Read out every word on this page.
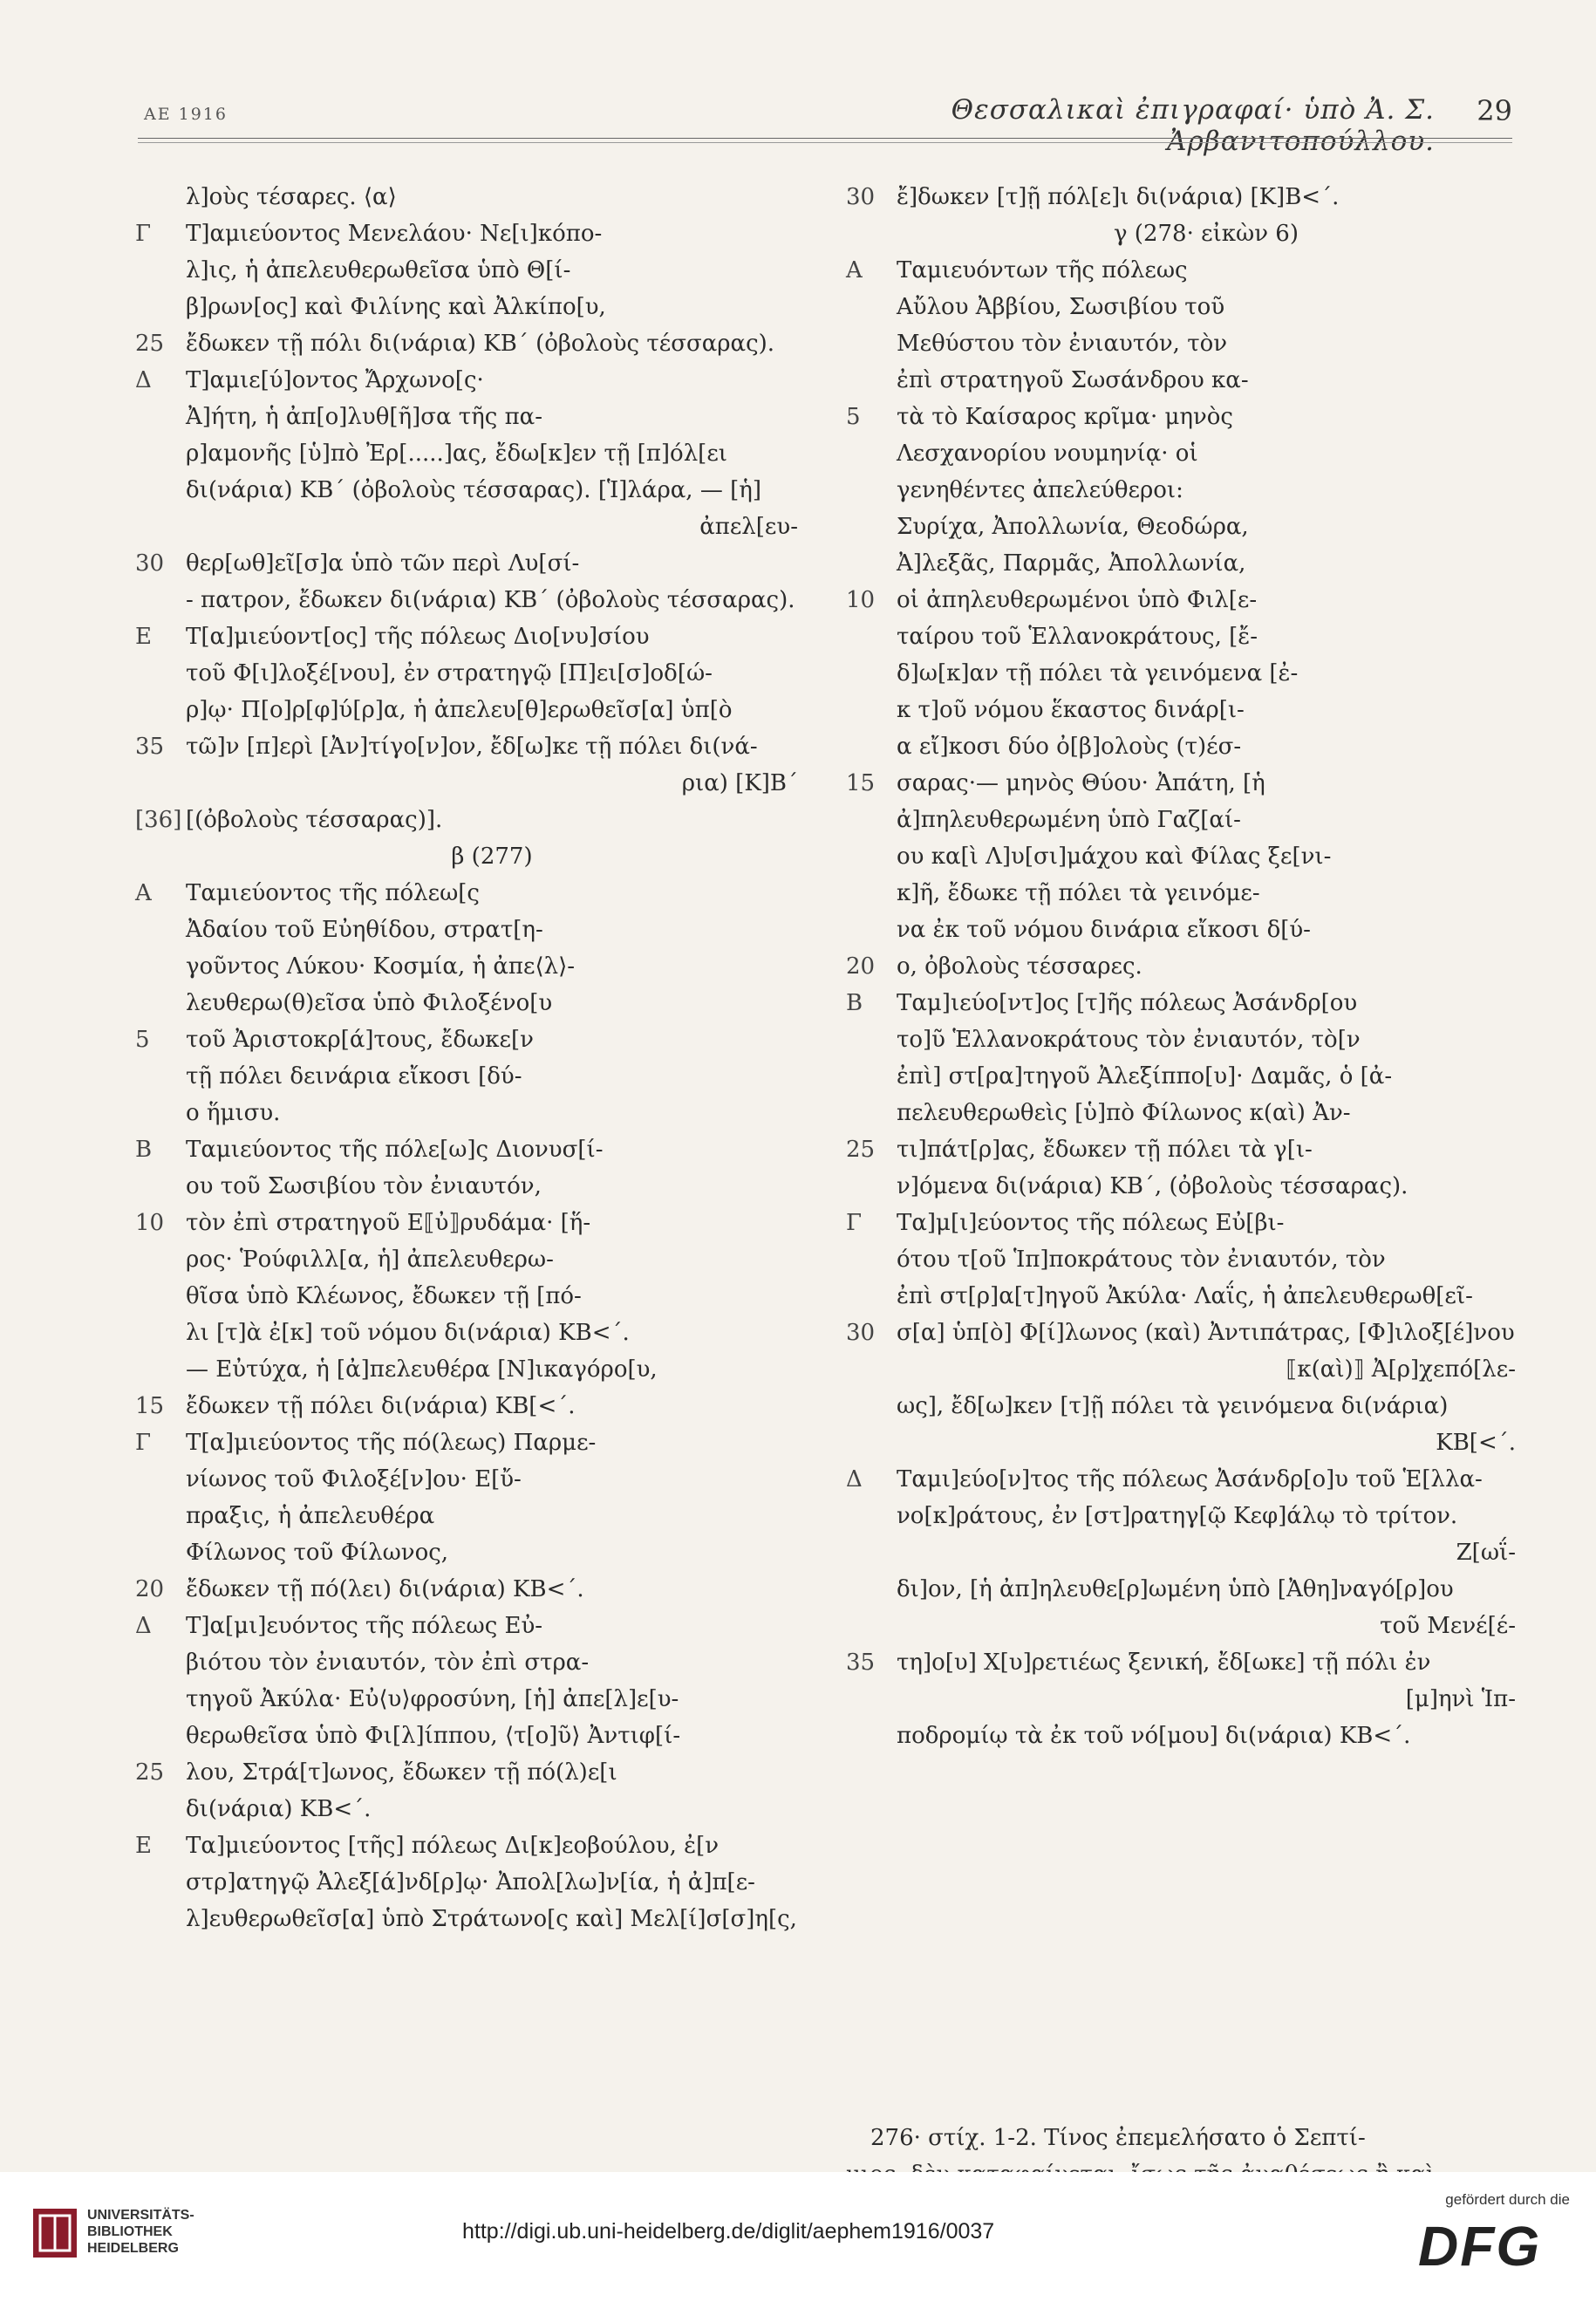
ΑΕ 1916	Θεσσαλικαὶ ἐπιγραφαί· ὑπὸ Ἀ. Σ. Ἀρβανιτοπούλλου.
29
λ]οὺς τέσαρες. ⟨α⟩
Γ	Τ]αμιεύοντος Μενελάου· Νε[ι]κόπο-
λ]ις, ἡ ἀπελευθερωθεῖσα ὑπὸ Θ[ί-
β]ρων[ος] καὶ Φιλίνης καὶ Ἀλκίπο[υ,
25 ἔδωκεν τῇ πόλι δι(νάρια) ΚΒ´ (ὀβολοὺς τέσσαρας).
Δ	Τ]αμιε[ύ]οντος Ἄρχωνο[ς·
Ἀ]ήτη, ἡ ἀπ[ο]λυθ[ῆ]σα τῆς πα-
ρ]αμονῆς [ὑ]πὸ Ἐρ[.....]ας, ἔδω[κ]εν τῇ [π]όλ[ει
δι(νάρια) ΚΒ´ (ὀβολοὺς τέσσαρας). [Ἱ]λάρα, — [ἡ]
ἀπελ[ευ-
30 θερ[ωθ]εῖ[σ]α ὑπὸ τῶν περὶ Λυ[σί-
- πατρον, ἔδωκεν δι(νάρια) ΚΒ´ (ὀβολοὺς τέσσαρας).
Ε	Τ[α]μιεύοντ[ος] τῆς πόλεως Διο[νυ]σίου
τοῦ Φ[ι]λοξέ[νου], ἐν στρατηγῷ [Π]ει[σ]οδ[ώ-
ρ]ῳ· Π[ο]ρ[φ]ύ[ρ]α, ἡ ἀπελευ[θ]ερωθεῖσ[α] ὑπ[ὸ
35 τῶ]ν [π]ερὶ [Ἀν]τίγο[ν]ον, ἔδ[ω]κε τῇ πόλει δι(νά-
ρια) [Κ]Β´
[36] [(ὀβολοὺς τέσσαρας)].
β (277)
Α	Ταμιεύοντος τῆς πόλεω[ς
Ἀδαίου τοῦ Εὐηθίδου, στρατ[η-
γοῦντος Λύκου· Κοσμία, ἡ ἀπε⟨λ⟩-
λευθερω(θ)εῖσα ὑπὸ Φιλοξένο[υ
5	τοῦ Ἀριστοκρ[ά]τους, ἔδωκε[ν
τῇ πόλει δεινάρια εἴκοσι [δύ-
ο ἥμισυ.
Β	Ταμιεύοντος τῆς πόλε[ω]ς Διονυσ[ί-
ου τοῦ Σωσιβίου τὸν ἐνιαυτόν,
10 τὸν ἐπὶ στρατηγοῦ Ε⟦ὐ⟧ρυδάμα· [ἥ-
ρος· Ῥούφιλλ[α, ἡ] ἀπελευθερω-
θῖσα ὑπὸ Κλέωνος, ἔδωκεν τῇ [πό-
λι [τ]ὰ ἐ[κ] τοῦ νόμου δι(νάρια) ΚΒ<´.
— Εὐτύχα, ἡ [ἀ]πελευθέρα [Ν]ικαγόρο[υ,
15 ἔδωκεν τῇ πόλει δι(νάρια) ΚΒ[<´.
Γ	Τ[α]μιεύοντος τῆς πό(λεως) Παρμε-
νίωνος τοῦ Φιλοξέ[ν]ου· Ε[ὔ-
πραξις, ἡ ἀπελευθέρα
Φίλωνος τοῦ Φίλωνος,
20 ἔδωκεν τῇ πό(λει) δι(νάρια) ΚΒ<´.
Δ	Τ]α[μι]ευόντος τῆς πόλεως Εὐ-
βιότου τὸν ἐνιαυτόν, τὸν ἐπὶ στρα-
τηγοῦ Ἀκύλα· Εὐ⟨υ⟩φροσύνη, [ἡ] ἀπε[λ]ε[υ-
θερωθεῖσα ὑπὸ Φι[λ]ίππου, ⟨τ[ο]ῦ⟩ Ἀντιφ[ί-
25 λου, Στρά[τ]ωνος, ἔδωκεν τῇ πό(λ)ε[ι
δι(νάρια) ΚΒ<´.
Ε	Τα]μιεύοντος [τῆς] πόλεως Δι[κ]εοβούλου, ἐ[ν
στρ]ατηγῷ Ἀλεξ[ά]νδ[ρ]ῳ· Ἀπολ[λω]ν[ία, ἡ ἀ]π[ε-
λ]ευθερωθεῖσ[α] ὑπὸ Στράτωνο[ς καὶ] Μελ[ί]σ[σ]η[ς,
30 ἔ]δωκεν [τ]ῇ πόλ[ε]ι δι(νάρια) [Κ]Β<´.
γ (278· εἰκὼν 6)
Α	Ταμιευόντων τῆς πόλεως
Αὔλου Ἀββίου, Σωσιβίου τοῦ
Μεθύστου τὸν ἐνιαυτόν, τὸν
ἐπὶ στρατηγοῦ Σωσάνδρου κα-
5	τὰ τὸ Καίσαρος κρῖμα· μηνὸς
Λεσχανορίου νουμηνίᾳ· οἱ
γενηθέντες ἀπελεύθεροι:
Συρίχα, Ἀπολλωνία, Θεοδώρα,
Ἀ]λεξᾶς, Παρμᾶς, Ἀπολλωνία,
10 οἱ ἀπηλευθερωμένοι ὑπὸ Φιλ[ε-
ταίρου τοῦ Ἑλλανοκράτους, [ἔ-
δ]ω[κ]αν τῇ πόλει τὰ γεινόμενα [ἐ-
κ τ]οῦ νόμου ἕκαστος δινάρ[ι-
α εἴ]κοσι δύο ὀ[β]ολοὺς (τ)έσ-
15 σαρας·— μηνὸς Θύου· Ἀπάτη, [ἡ
ἀ]πηλευθερωμένη ὑπὸ Γαζ[αί-
ου κα[ὶ Λ]υ[σι]μάχου καὶ Φίλας ξε[νι-
κ]ῆ, ἔδωκε τῇ πόλει τὰ γεινόμε-
να ἐκ τοῦ νόμου δινάρια εἴκοσι δ[ύ-
20 ο, ὀβολοὺς τέσσαρες.
Β	Ταμ]ιεύο[ντ]ος [τ]ῆς πόλεως Ἀσάνδρ[ου
το]ῦ Ἑλλανοκράτους τὸν ἐνιαυτόν, τὸ[ν
ἐπὶ] στ[ρα]τηγοῦ Ἀλεξίππο[υ]· Δαμᾶς, ὁ [ἀ-
πελευθερωθεὶς [ὑ]πὸ Φίλωνος κ(αὶ) Ἀν-
25 τι]πάτ[ρ]ας, ἔδωκεν τῇ πόλει τὰ γ[ι-
ν]όμενα δι(νάρια) ΚΒ´, (ὀβολοὺς τέσσαρας).
Γ	Τα]μ[ι]εύοντος τῆς πόλεως Εὐ[βι-
ότου τ[οῦ Ἱπ]ποκράτους τὸν ἐνιαυτόν, τὸν
ἐπὶ στ[ρ]α[τ]ηγοῦ Ἀκύλα· Λαΐς, ἡ ἀπελευθερωθ[εῖ-
30 σ[α] ὑπ[ὸ] Φ[ί]λωνος (καὶ) Ἀντιπάτρας, [Φ]ιλοξ[έ]νου
⟦κ(αὶ)⟧ Ἀ[ρ]χεπό[λε-
ως], ἔδ[ω]κεν [τ]ῇ πόλει τὰ γεινόμενα δι(νάρια)
ΚΒ[<´.
Δ	Ταμι]εύο[ν]τος τῆς πόλεως Ἀσάνδρ[ο]υ τοῦ Ἑ[λλα-
νο[κ]ράτους, ἐν [στ]ρατηγ[ῷ Κεφ]άλῳ τὸ τρίτον.
Ζ[ωΐ-
δι]ον, [ἡ ἀπ]ηλευθε[ρ]ωμένη ὑπὸ [Ἀθη]ναγό[ρ]ου
τοῦ Μενέ[έ-
35 τη]ο[υ] Χ[υ]ρετιέως ξενική, ἔδ[ωκε] τῇ πόλι ἐν
[μ]ηνὶ Ἱπ-
ποδρομίῳ τὰ ἐκ τοῦ νό[μου] δι(νάρια) ΚΒ<´.
276· στίχ. 1-2. Τίνος ἐπεμελήσατο ὁ Σεπτί-
UNIVERSITÄTS-
BIBLIOTHEK
HEIDELBERG
http://digi.ub.uni-heidelberg.de/diglit/aephem1916/0037
gefördert durch die
DFG
